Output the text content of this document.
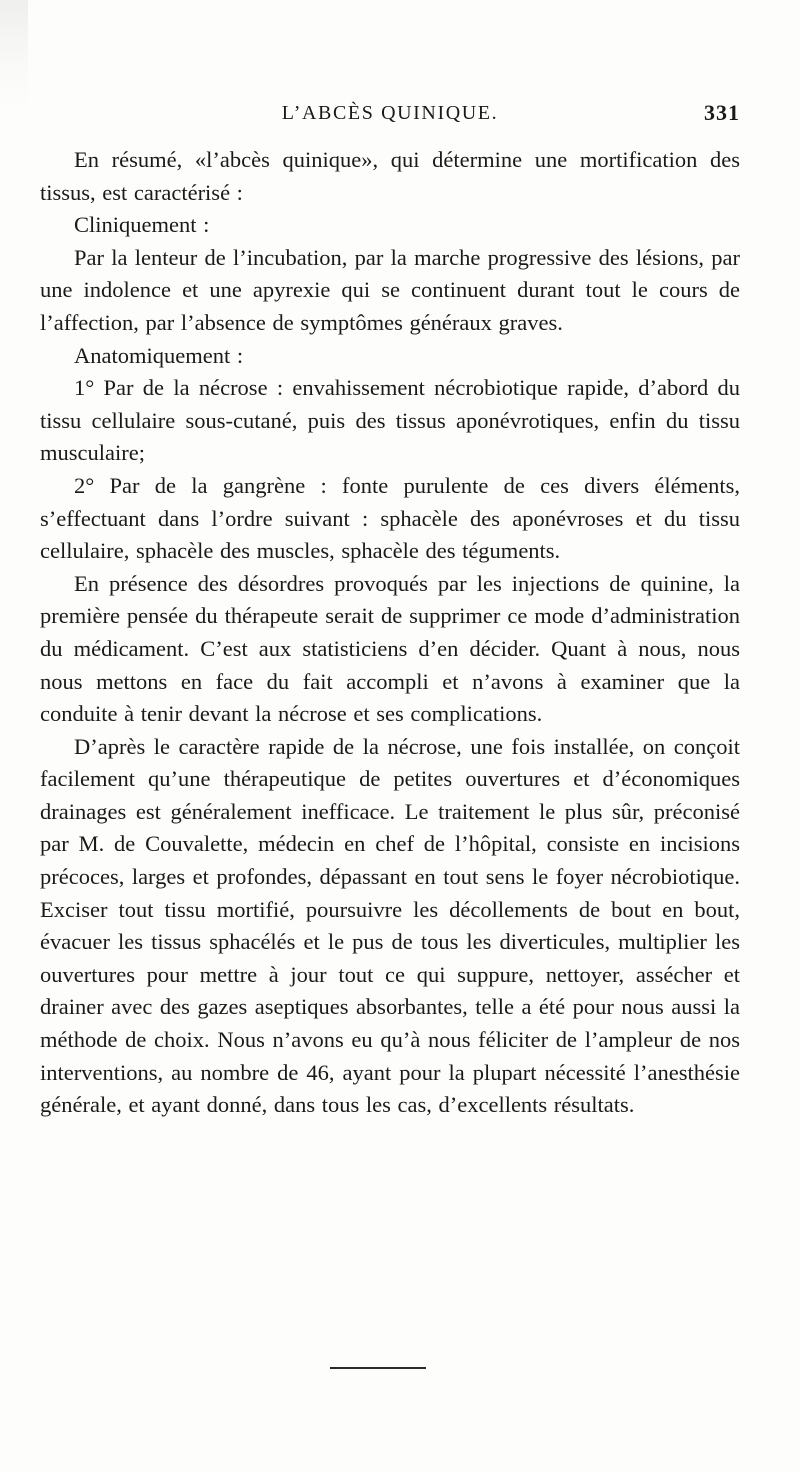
L’ABCÈS QUINIQUE.	331

En résumé, «l’abcès quinique», qui détermine une mortification des tissus, est caractérisé :

Cliniquement :

Par la lenteur de l’incubation, par la marche progressive des lésions, par une indolence et une apyrexie qui se continuent durant tout le cours de l’affection, par l’absence de symptômes généraux graves.

Anatomiquement :

1° Par de la nécrose : envahissement nécrobiotique rapide, d’abord du tissu cellulaire sous-cutané, puis des tissus aponévrotiques, enfin du tissu musculaire;

2° Par de la gangrène : fonte purulente de ces divers éléments, s’effectuant dans l’ordre suivant : sphacèle des aponévroses et du tissu cellulaire, sphacèle des muscles, sphacèle des téguments.

En présence des désordres provoqués par les injections de quinine, la première pensée du thérapeute serait de supprimer ce mode d’administration du médicament. C’est aux statisticiens d’en décider. Quant à nous, nous nous mettons en face du fait accompli et n’avons à examiner que la conduite à tenir devant la nécrose et ses complications.

D’après le caractère rapide de la nécrose, une fois installée, on conçoit facilement qu’une thérapeutique de petites ouvertures et d’économiques drainages est généralement inefficace. Le traitement le plus sûr, préconisé par M. de Couvalette, médecin en chef de l’hôpital, consiste en incisions précoces, larges et profondes, dépassant en tout sens le foyer nécrobiotique. Exciser tout tissu mortifié, poursuivre les décollements de bout en bout, évacuer les tissus sphacélés et le pus de tous les diverticules, multiplier les ouvertures pour mettre à jour tout ce qui suppure, nettoyer, assécher et drainer avec des gazes aseptiques absorbantes, telle a été pour nous aussi la méthode de choix. Nous n’avons eu qu’à nous féliciter de l’ampleur de nos interventions, au nombre de 46, ayant pour la plupart nécessité l’anesthésie générale, et ayant donné, dans tous les cas, d’excellents résultats.
